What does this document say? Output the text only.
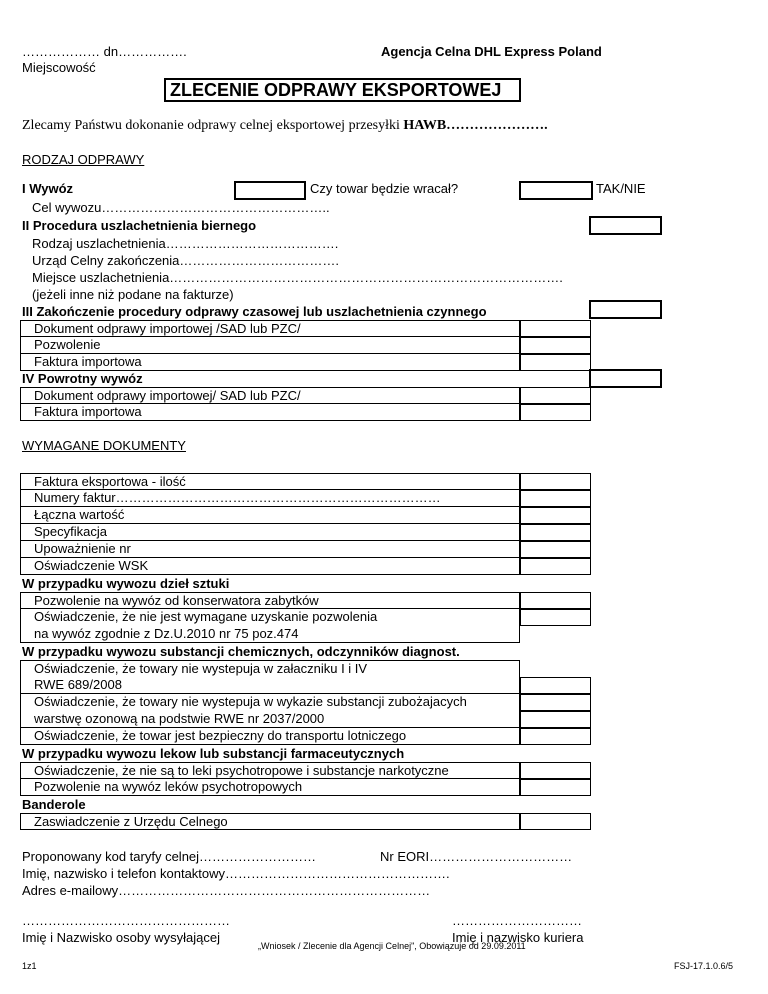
……………… dn…………….
Miejscowość
Agencja Celna DHL Express Poland
ZLECENIE ODPRAWY EKSPORTOWEJ
Zlecamy Państwu dokonanie odprawy celnej eksportowej przesyłki HAWB………………….
RODZAJ ODPRAWY
I Wywóz	Czy towar będzie wracał?	TAK/NIE
Cel wywozu……………………………………………..
II Procedura uszlachetnienia biernego
Rodzaj uszlachetnienia………………………………….
Urząd Celny zakończenia……………………………….
Miejsce uszlachetnienia……………………………………………………………………………….
(jeżeli inne niż podane na fakturze)
III Zakończenie procedury odprawy czasowej lub uszlachetnienia czynnego
Dokument odprawy importowej /SAD lub PZC/
Pozwolenie
Faktura importowa
IV Powrotny wywóz
Dokument odprawy importowej/ SAD lub PZC/
Faktura importowa
WYMAGANE DOKUMENTY
Faktura eksportowa - ilość
Numery faktur…………………………………………………………………
Łączna wartość
Specyfikacja
Upoważnienie nr
Oświadczenie WSK
W przypadku wywozu dzieł sztuki
Pozwolenie na wywóz od konserwatora zabytków
Oświadczenie, że nie jest wymagane uzyskanie pozwolenia
na wywóz zgodnie z Dz.U.2010 nr 75 poz.474
W przypadku wywozu substancji chemicznych, odczynników diagnost.
Oświadczenie, że towary nie wystepuja w załaczniku I i IV
RWE 689/2008
Oświadczenie, że towary nie wystepuja w wykazie substancji zubożajacych
warstwę ozonową na podstwie RWE nr 2037/2000
Oświadczenie, że towar jest bezpieczny do transportu lotniczego
W przypadku wywozu lekow lub substancji farmaceutycznych
Oświadczenie, że nie są to leki psychotropowe i substancje narkotyczne
Pozwolenie na wywóz leków psychotropowych
Banderole
Zaswiadczenie z Urzędu Celnego
Proponowany kod taryfy celnej………………………	Nr EORI……………………………
Imię, nazwisko i telefon kontaktowy…………………………………………….
Adres e-mailowy………………………………………………………………
…………………………………………	…………………………
Imię i Nazwisko osoby wysyłającej	Imię i nazwisko kuriera
„Wniosek / Zlecenie dla Agencji Celnej", Obowiązuje od 29.09.2011
1z1	FSJ-17.1.0.6/5
